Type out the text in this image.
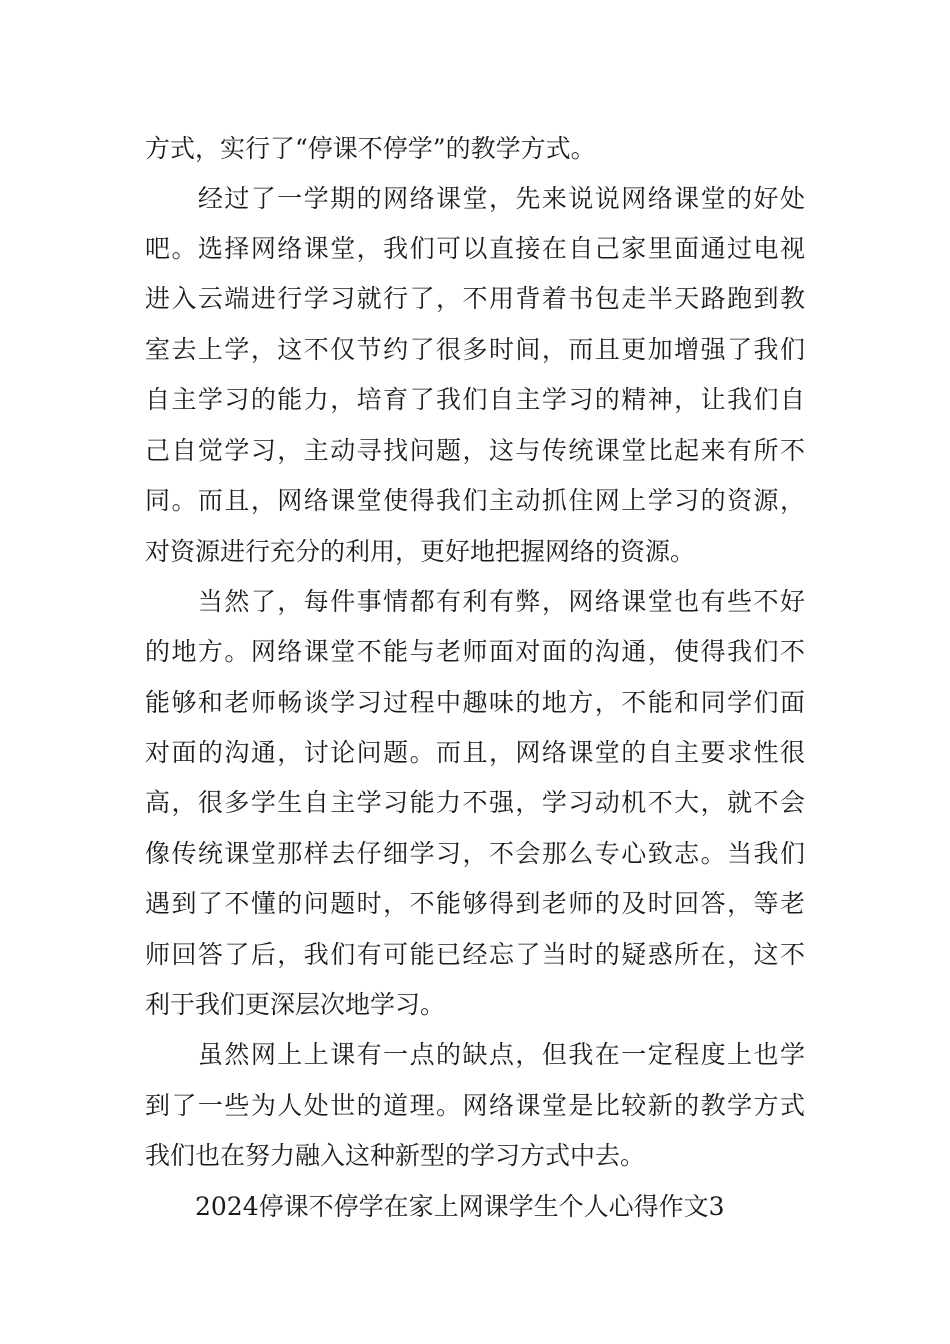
方式，实行了“停课不停学”的教学方式。
　　经过了一学期的网络课堂，先来说说网络课堂的好处
吧。选择网络课堂，我们可以直接在自己家里面通过电视
进入云端进行学习就行了，不用背着书包走半天路跑到教
室去上学，这不仅节约了很多时间，而且更加增强了我们
自主学习的能力，培育了我们自主学习的精神，让我们自
己自觉学习，主动寻找问题，这与传统课堂比起来有所不
同。而且，网络课堂使得我们主动抓住网上学习的资源，
对资源进行充分的利用，更好地把握网络的资源。
　　当然了，每件事情都有利有弊，网络课堂也有些不好
的地方。网络课堂不能与老师面对面的沟通，使得我们不
能够和老师畅谈学习过程中趣味的地方，不能和同学们面
对面的沟通，讨论问题。而且，网络课堂的自主要求性很
高，很多学生自主学习能力不强，学习动机不大，就不会
像传统课堂那样去仔细学习，不会那么专心致志。当我们
遇到了不懂的问题时，不能够得到老师的及时回答，等老
师回答了后，我们有可能已经忘了当时的疑惑所在，这不
利于我们更深层次地学习。
　　虽然网上上课有一点的缺点，但我在一定程度上也学
到了一些为人处世的道理。网络课堂是比较新的教学方式
我们也在努力融入这种新型的学习方式中去。
　　2024停课不停学在家上网课学生个人心得作文3
